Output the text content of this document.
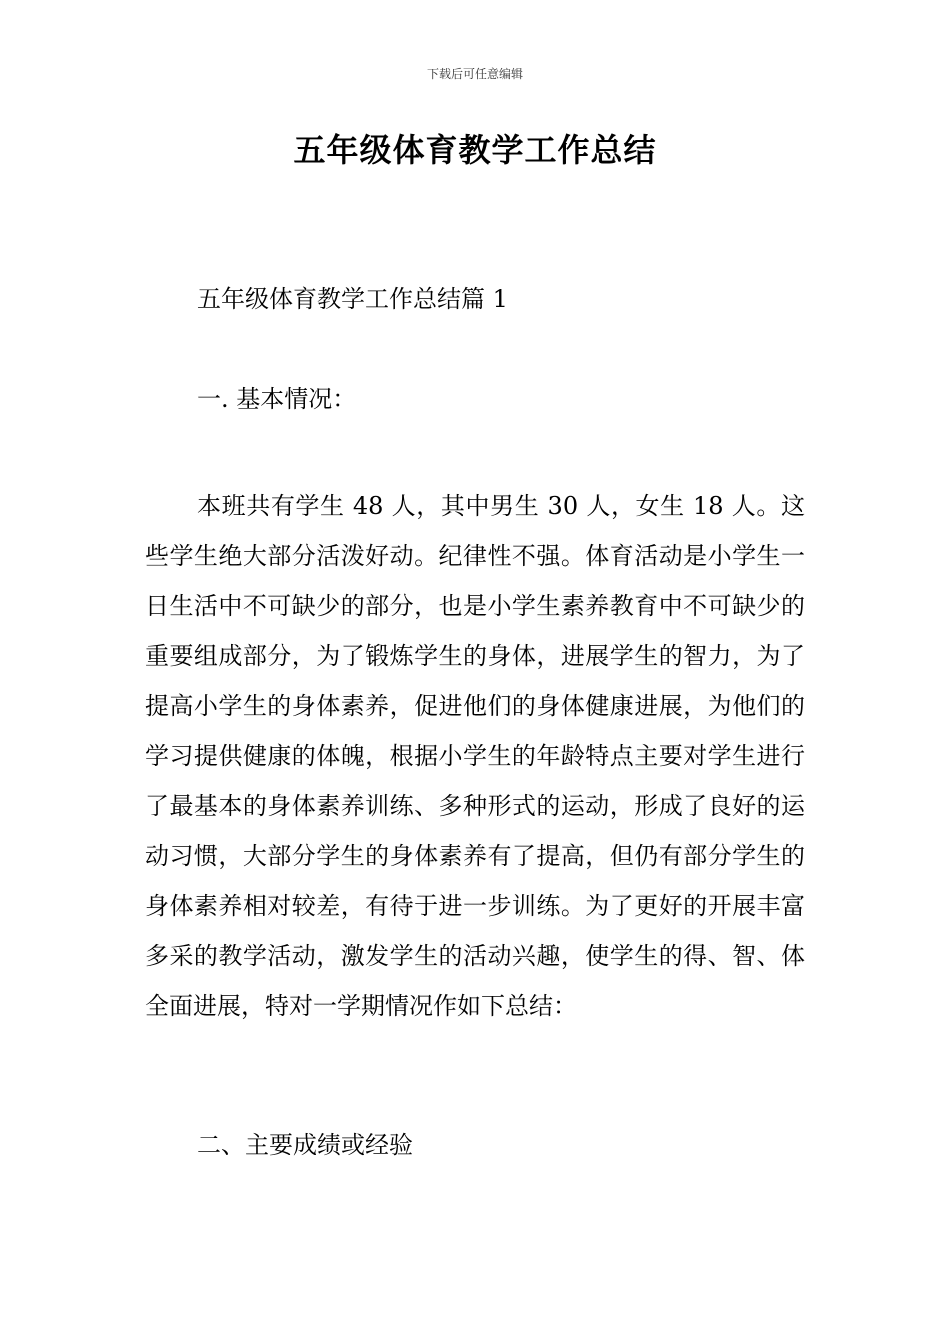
下载后可任意编辑
五年级体育教学工作总结
五年级体育教学工作总结篇 1
一. 基本情况：

本班共有学生 48 人，其中男生 30 人，女生 18 人。这些学生绝大部分活泼好动。纪律性不强。体育活动是小学生一日生活中不可缺少的部分，也是小学生素养教育中不可缺少的重要组成部分，为了锻炼学生的身体，进展学生的智力，为了提高小学生的身体素养，促进他们的身体健康进展，为他们的学习提供健康的体魄，根据小学生的年龄特点主要对学生进行了最基本的身体素养训练、多种形式的运动，形成了良好的运动习惯，大部分学生的身体素养有了提高，但仍有部分学生的身体素养相对较差，有待于进一步训练。为了更好的开展丰富多采的教学活动，激发学生的活动兴趣，使学生的得、智、体全面进展，特对一学期情况作如下总结：

二、主要成绩或经验
